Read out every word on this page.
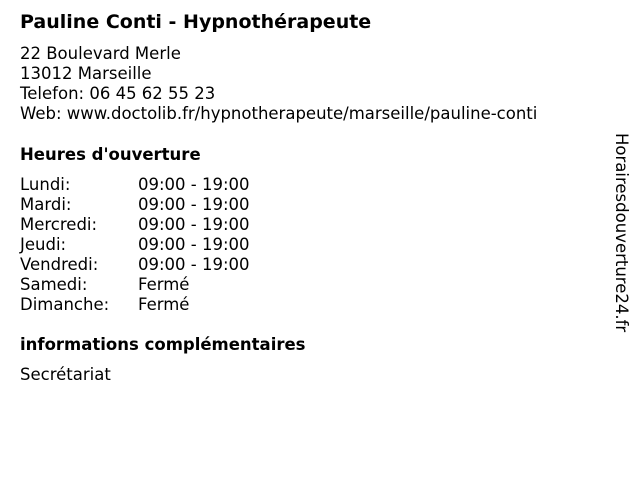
Pauline Conti - Hypnothérapeute
22 Boulevard Merle
13012 Marseille
Telefon: 06 45 62 55 23
Web: www.doctolib.fr/hypnotherapeute/marseille/pauline-conti
Heures d'ouverture
Lundi:	09:00 - 19:00
Mardi:	09:00 - 19:00
Mercredi:	09:00 - 19:00
Jeudi:	09:00 - 19:00
Vendredi:	09:00 - 19:00
Samedi:	Fermé
Dimanche:	Fermé
informations complémentaires
Secrétariat
Horairesdouverture24.fr
